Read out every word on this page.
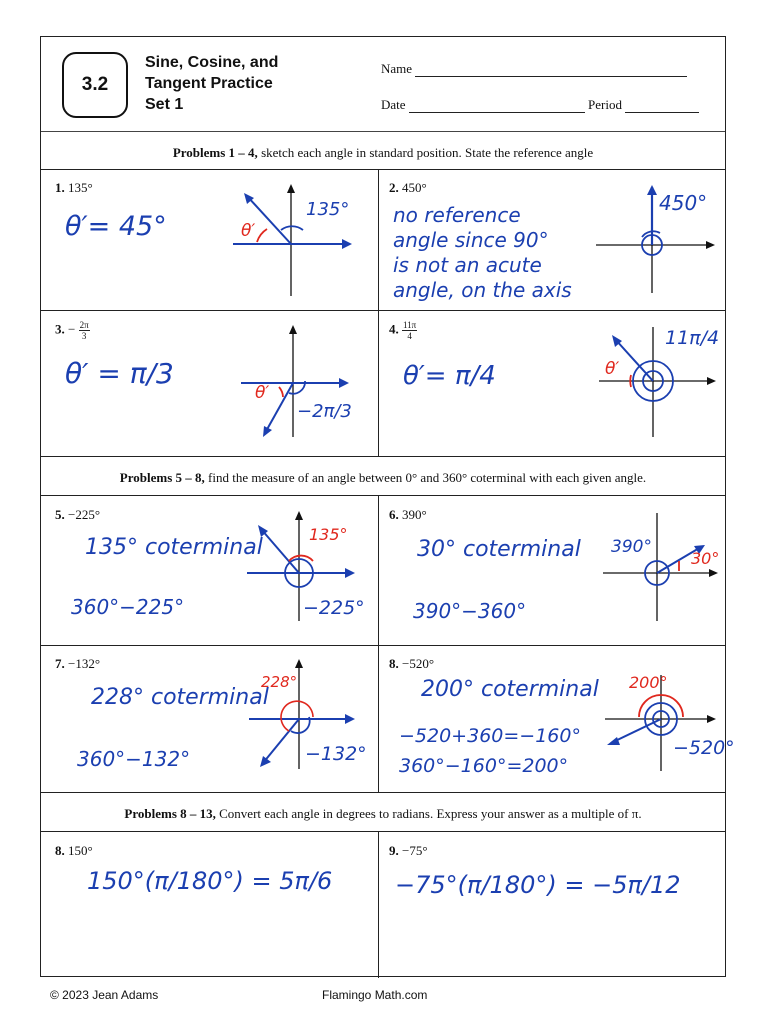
3.2
Sine, Cosine, and
Tangent Practice
Set 1
Name
Date	Period
Problems 1 – 4, sketch each angle in standard position. State the reference angle
Problems 5 – 8, find the measure of an angle between 0° and 360° coterminal with each given angle.
Problems 8 – 13, Convert each angle in degrees to radians. Express your answer as a multiple of π.
1. 135°
θ′= 45°
135°
θ′
2. 450°
no reference
angle since 90°
is not an acute
angle, on the axis
450°
3. − $\frac{2\pi}{3}$
θ′ = π/3
−2π/3
θ′
4. $\frac{11\pi}{4}$
θ′= π/4
11π/4
θ′
5. −225°
135° coterminal
360°−225°
135°
−225°
6. 390°
30° coterminal
390°−360°
390°
30°
7. −132°
228° coterminal
360°−132°
228°
−132°
8. −520°
200° coterminal
−520+360=−160°
360°−160°=200°
200°
−520°
8. 150°
150°(π/180°) = 5π/6
9. −75°
−75°(π/180°) = −5π/12
© 2023 Jean Adams	Flamingo Math.com
